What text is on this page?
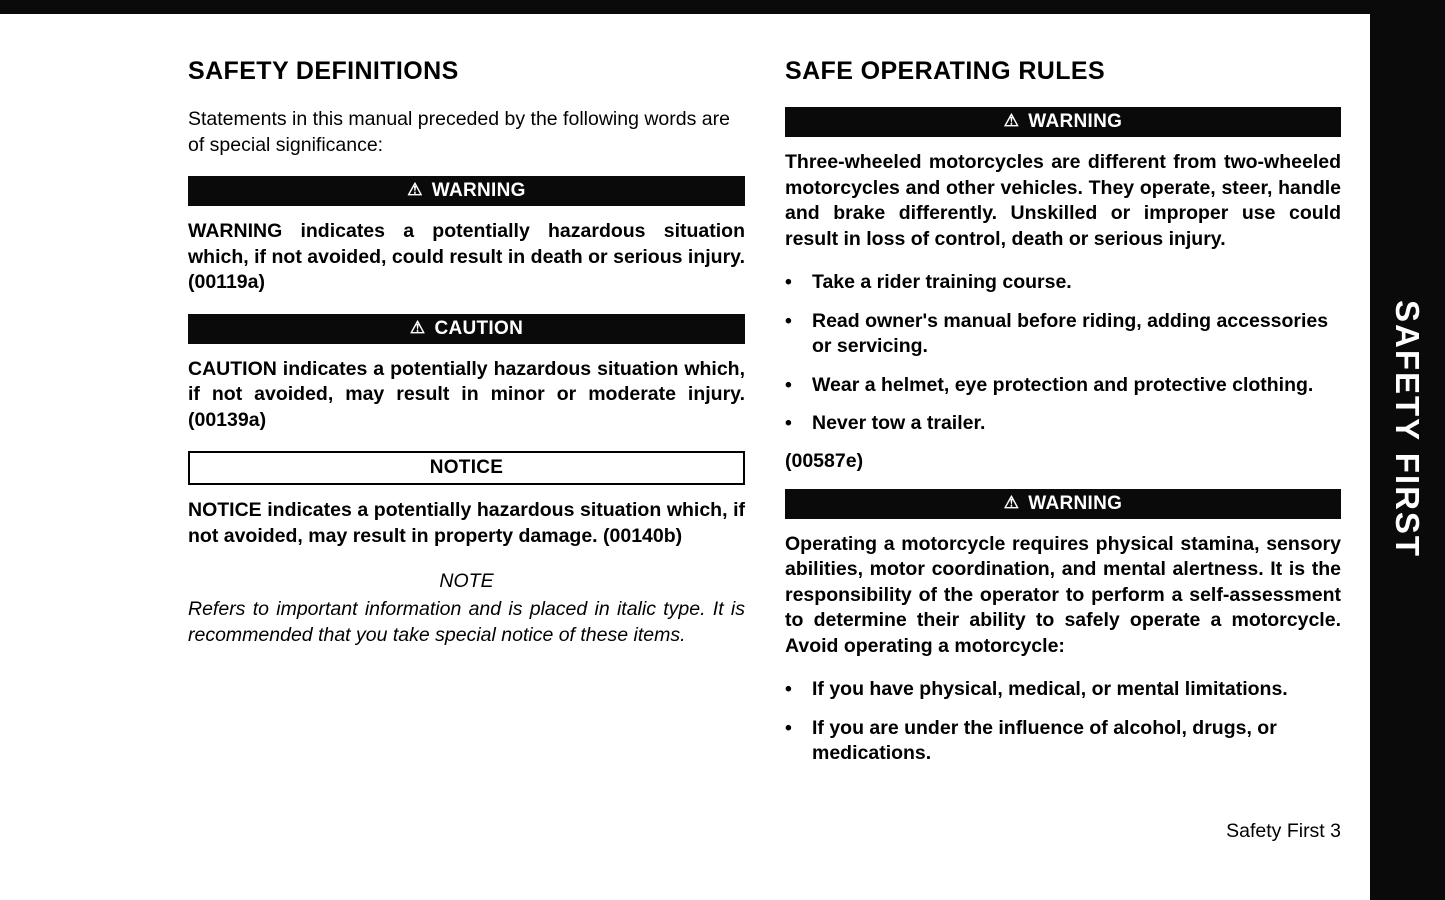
SAFETY DEFINITIONS

Statements in this manual preceded by the following words are of special significance:

⚠ WARNING

WARNING indicates a potentially hazardous situation which, if not avoided, could result in death or serious injury. (00119a)

⚠ CAUTION

CAUTION indicates a potentially hazardous situation which, if not avoided, may result in minor or moderate injury. (00139a)

NOTICE

NOTICE indicates a potentially hazardous situation which, if not avoided, may result in property damage. (00140b)

NOTE

Refers to important information and is placed in italic type. It is recommended that you take special notice of these items.

SAFE OPERATING RULES
⚠ WARNING

Three-wheeled motorcycles are different from two-wheeled motorcycles and other vehicles. They operate, steer, handle and brake differently. Unskilled or improper use could result in loss of control, death or serious injury.

•	Take a rider training course.
•	Read owner's manual before riding, adding accessories or servicing.
•	Wear a helmet, eye protection and protective clothing.
•	Never tow a trailer.
(00587e)
⚠ WARNING

Operating a motorcycle requires physical stamina, sensory abilities, motor coordination, and mental alertness. It is the responsibility of the operator to perform a self-assessment to determine their ability to safely operate a motorcycle. Avoid operating a motorcycle:

•	If you have physical, medical, or mental limitations.
•	If you are under the influence of alcohol, drugs, or medications.
Safety First 3
SAFETY FIRST
